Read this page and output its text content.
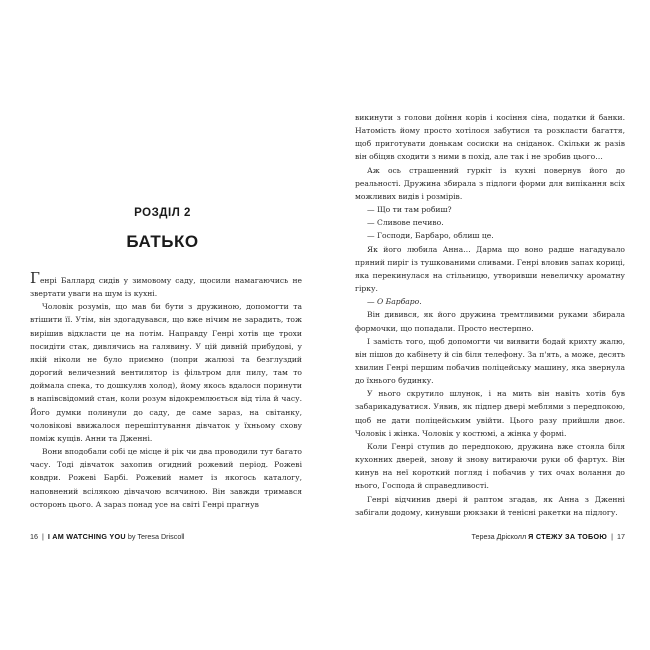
РОЗДІЛ 2
БАТЬКО

Генрі Баллард сидів у зимовому саду, щосили намагаючись не звертати уваги на шум із кухні.

Чоловік розумів, що мав би бути з дружиною, допомогти та втішити її. Утім, він здогадувався, що вже нічим не зарадить, тож вирішив відкласти це на потім. Направду Генрі хотів ще трохи посидіти стак, дивлячись на галявину. У цій дивній прибудові, у якій ніколи не було приємно (попри жалюзі та безглуздий дорогий величезний вентилятор із фільтром для пилу, там то доймала спека, то дошкуляв холод), йому якось вдалося поринути в напівсвідомий стан, коли розум відокремлюється від тіла й часу. Його думки полинули до саду, де саме зараз, на світанку, чоловікові ввижалося перешіптування дівчаток у їхньому схову поміж кущів. Анни та Дженні.

Вони вподобали собі це місце й рік чи два проводили тут багато часу. Тоді дівчаток захопив огидний рожевий період. Рожеві ковдри. Рожеві Барбі. Рожевий намет із якогось каталогу, наповнений всілякою дівчачою всячиною. Він завжди тримався осторонь цього. А зараз понад усе на світі Генрі прагнув

16 | I AM WATCHING YOU by Teresa Driscoll

викинути з голови доїння корів і косіння сіна, податки й банки. Натомість йому просто хотілося забутися та розкласти багаття, щоб приготувати донькам сосиски на сніданок. Скільки ж разів він обіцяв сходити з ними в похід, але так і не зробив цього…

Аж ось страшенний гуркіт із кухні повернув його до реальності. Дружина збирала з підлоги форми для випікання всіх можливих видів і розмірів.

— Що ти там робиш?

— Сливове печиво.

— Господи, Барбаро, облиш це.

Як його любила Анна… Дарма що воно радше нагадувало пряний пиріг із тушкованими сливами. Генрі вловив запах кориці, яка перекинулася на стільницю, утворивши невеличку ароматну гірку.

— О Барбаро.

Він дивився, як його дружина тремтливими руками збирала формочки, що попадали. Просто нестерпно.

І замість того, щоб допомогти чи виявити бодай крихту жалю, він пішов до кабінету й сів біля телефону. За п'ять, а може, десять хвилин Генрі першим побачив поліцейську машину, яка звернула до їхнього будинку.

У нього скрутило шлунок, і на мить він навіть хотів був забарикадуватися. Уявив, як підпер двері меблями з передпокою, щоб не дати поліцейським увійти. Цього разу прийшли двоє. Чоловік і жінка. Чоловік у костюмі, а жінка у формі.

Коли Генрі ступив до передпокою, дружина вже стояла біля кухонних дверей, знову й знову витираючи руки об фартух. Він кинув на неї короткий погляд і побачив у тих очах волання до нього, Господа й справедливості.

Генрі відчинив двері й раптом згадав, як Анна з Дженні забігали додому, кинувши рюкзаки й тенісні ракетки на підлогу.

Тереза Дрісколл Я СТЕЖУ ЗА ТОБОЮ | 17
